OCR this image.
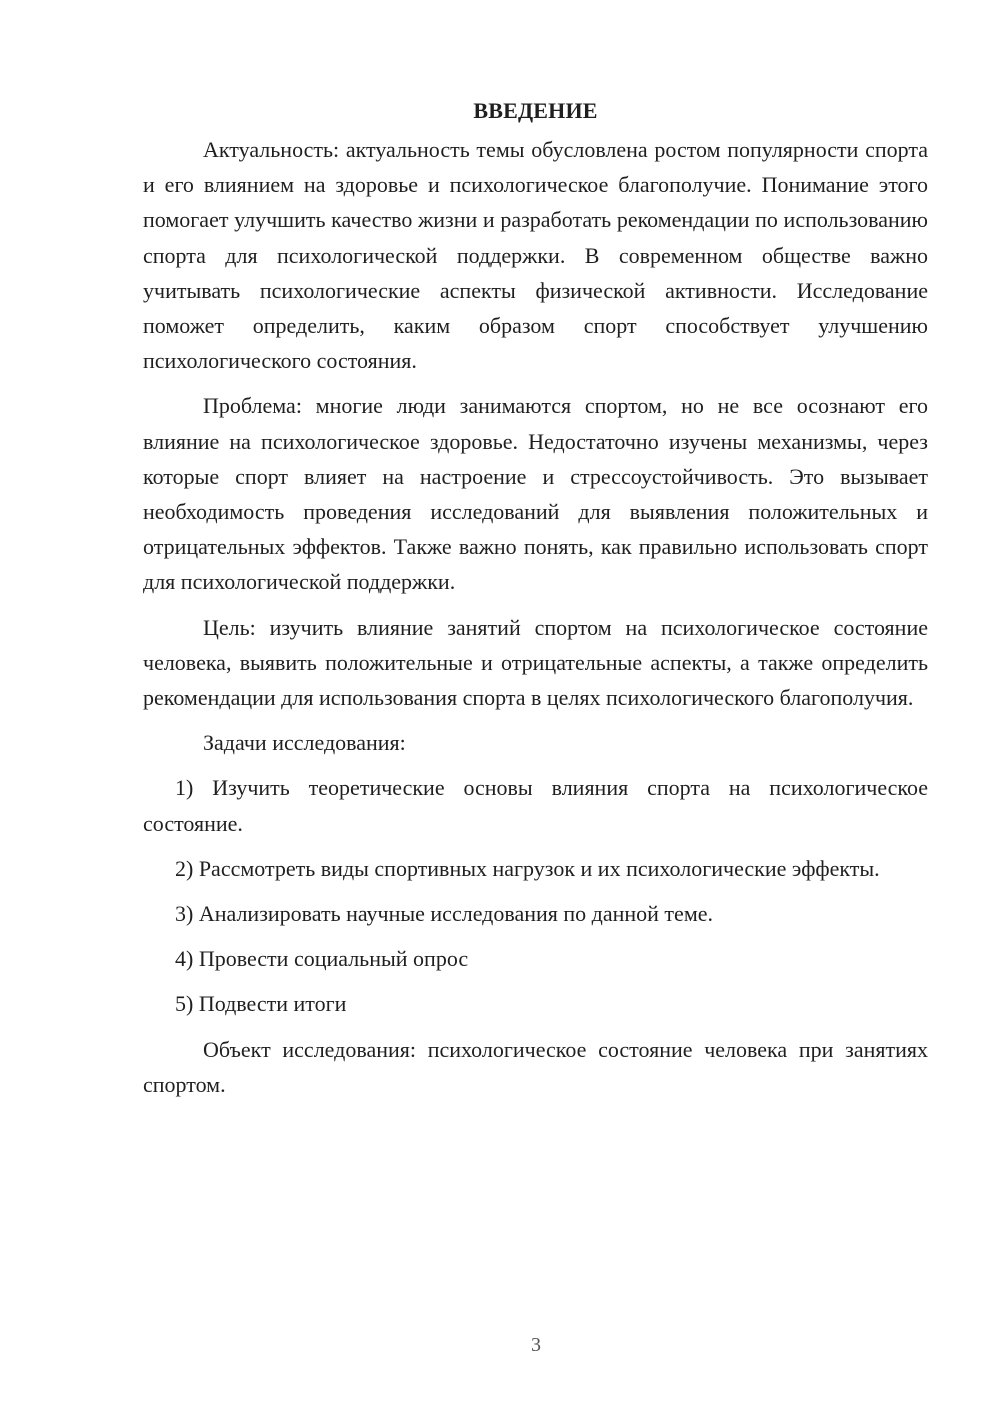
ВВЕДЕНИЕ

Актуальность: актуальность темы обусловлена ростом популярности спорта и его влиянием на здоровье и психологическое благополучие. Понимание этого помогает улучшить качество жизни и разработать рекомендации по использованию спорта для психологической поддержки. В современном обществе важно учитывать психологические аспекты физической активности. Исследование поможет определить, каким образом спорт способствует улучшению психологического состояния.

Проблема: многие люди занимаются спортом, но не все осознают его влияние на психологическое здоровье. Недостаточно изучены механизмы, через которые спорт влияет на настроение и стрессоустойчивость. Это вызывает необходимость проведения исследований для выявления положительных и отрицательных эффектов. Также важно понять, как правильно использовать спорт для психологической поддержки.

Цель: изучить влияние занятий спортом на психологическое состояние человека, выявить положительные и отрицательные аспекты, а также определить рекомендации для использования спорта в целях психологического благополучия.

Задачи исследования:

1) Изучить теоретические основы влияния спорта на психологическое состояние.

2) Рассмотреть виды спортивных нагрузок и их психологические эффекты.

3) Анализировать научные исследования по данной теме.

4) Провести социальный опрос

5) Подвести итоги

Объект исследования: психологическое состояние человека при занятиях спортом.

3
